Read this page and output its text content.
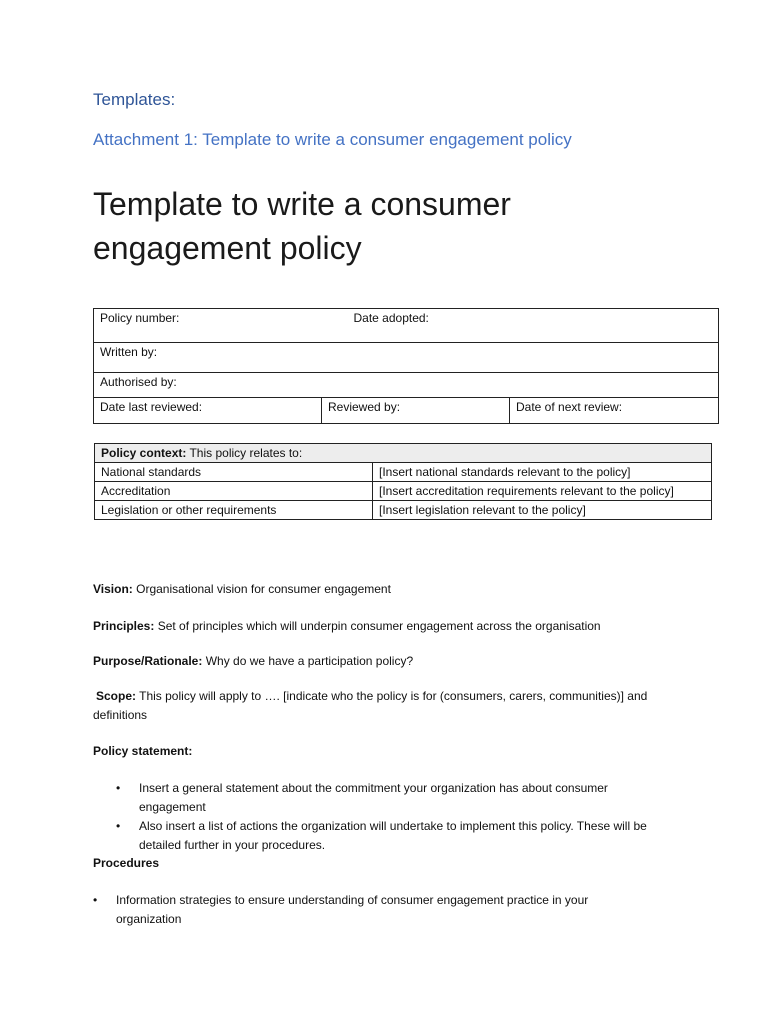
Templates:
Attachment 1: Template to write a consumer engagement policy
Template to write a consumer engagement policy
Policy number:	Date adopted:

Written by:
Authorised by:
Date last reviewed:	Reviewed by:	Date of next review:
Policy context: This policy relates to:	
National standards	[Insert national standards relevant to the policy]
Accreditation	[Insert accreditation requirements relevant to the policy]
Legislation or other requirements	[Insert legislation relevant to the policy]

Vision: Organisational vision for consumer engagement

Principles: Set of principles which will underpin consumer engagement across the organisation

Purpose/Rationale: Why do we have a participation policy?

Scope: This policy will apply to …. [indicate who the policy is for (consumers, carers, communities)] and definitions

Policy statement:

• Insert a general statement about the commitment your organization has about consumer engagement
• Also insert a list of actions the organization will undertake to implement this policy. These will be detailed further in your procedures.

Procedures

• Information strategies to ensure understanding of consumer engagement practice in your organization
